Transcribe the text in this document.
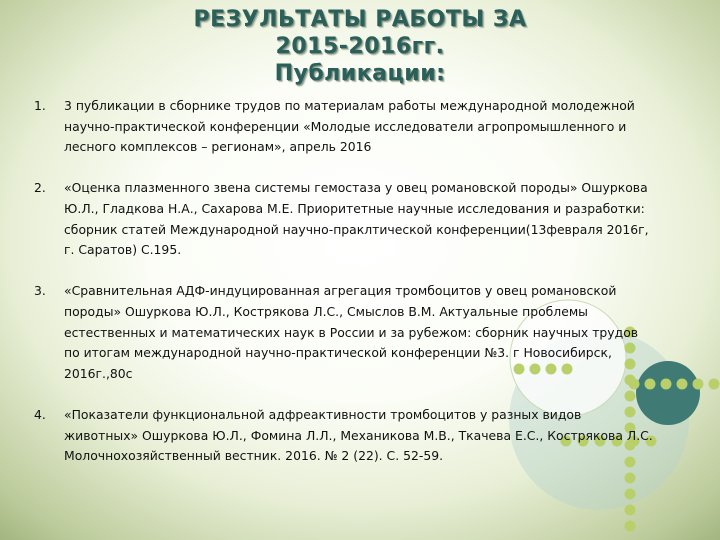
РЕЗУЛЬТАТЫ РАБОТЫ ЗА
2015-2016гг.
Публикации:
1. 3 публикации в сборнике трудов по материалам работы международной молодежной научно-практической конференции «Молодые исследователи агропромышленного и лесного комплексов – регионам», апрель 2016
2. «Оценка плазменного звена системы гемостаза у овец романовской породы» Ошуркова Ю.Л., Гладкова Н.А., Сахарова М.Е. Приоритетные научные исследования и разработки: сборник статей Международной научно-праклтической конференции(13февраля 2016г, г. Саратов) С.195.
3. «Сравнительная АДФ-индуцированная агрегация тромбоцитов у овец романовской породы» Ошуркова Ю.Л., Кострякова Л.С., Смыслов В.М. Актуальные проблемы естественных и математических наук в России и за рубежом: сборник научных трудов по итогам международной научно-практической конференции №3. г Новосибирск, 2016г.,80с
4. «Показатели функциональной адфреактивности тромбоцитов у разных видов животных» Ошуркова Ю.Л., Фомина Л.Л., Механикова М.В., Ткачева Е.С., Кострякова Л.С. Молочнохозяйственный вестник. 2016. № 2 (22). С. 52-59.
